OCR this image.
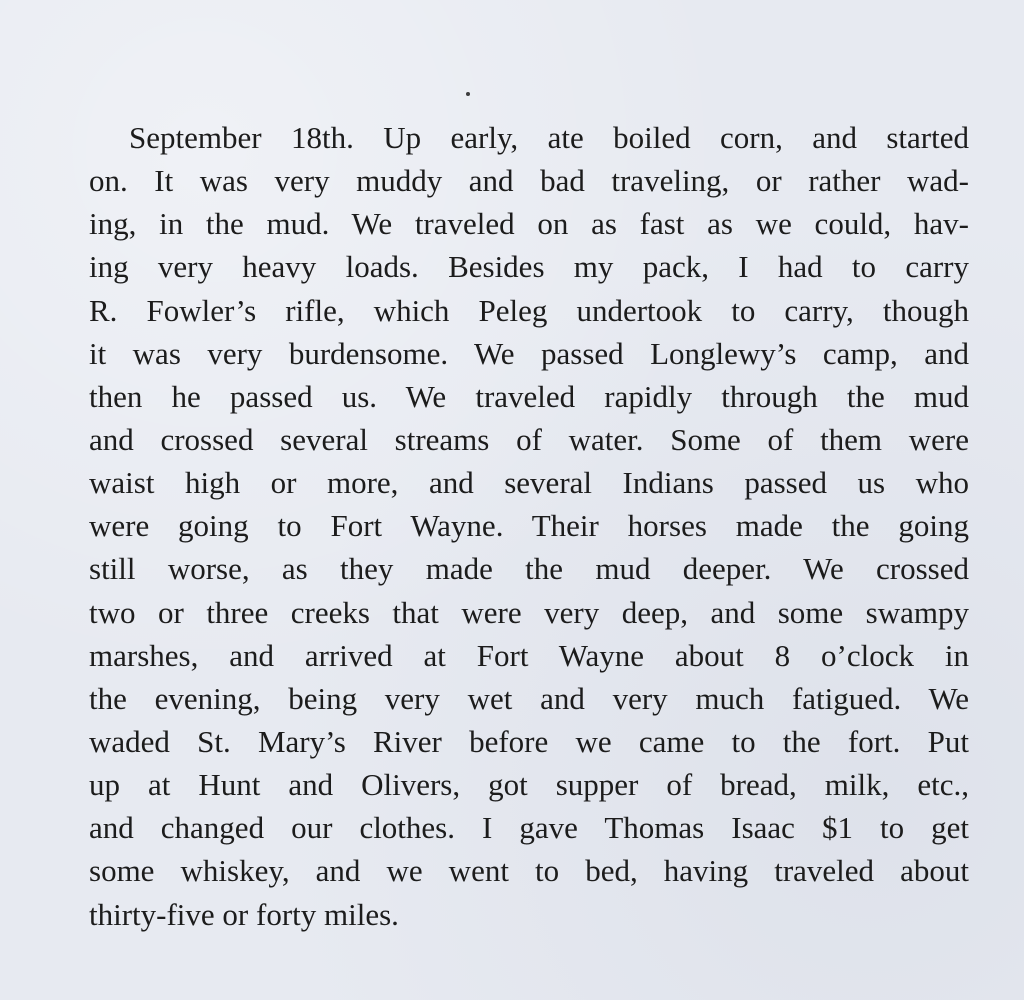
September 18th. Up early, ate boiled corn, and started
on. It was very muddy and bad traveling, or rather wad-
ing, in the mud. We traveled on as fast as we could, hav-
ing very heavy loads. Besides my pack, I had to carry
R. Fowler’s rifle, which Peleg undertook to carry, though
it was very burdensome. We passed Longlewy’s camp, and
then he passed us. We traveled rapidly through the mud
and crossed several streams of water. Some of them were
waist high or more, and several Indians passed us who
were going to Fort Wayne. Their horses made the going
still worse, as they made the mud deeper. We crossed
two or three creeks that were very deep, and some swampy
marshes, and arrived at Fort Wayne about 8 o’clock in
the evening, being very wet and very much fatigued. We
waded St. Mary’s River before we came to the fort. Put
up at Hunt and Olivers, got supper of bread, milk, etc.,
and changed our clothes. I gave Thomas Isaac $1 to get
some whiskey, and we went to bed, having traveled about
thirty-five or forty miles.
